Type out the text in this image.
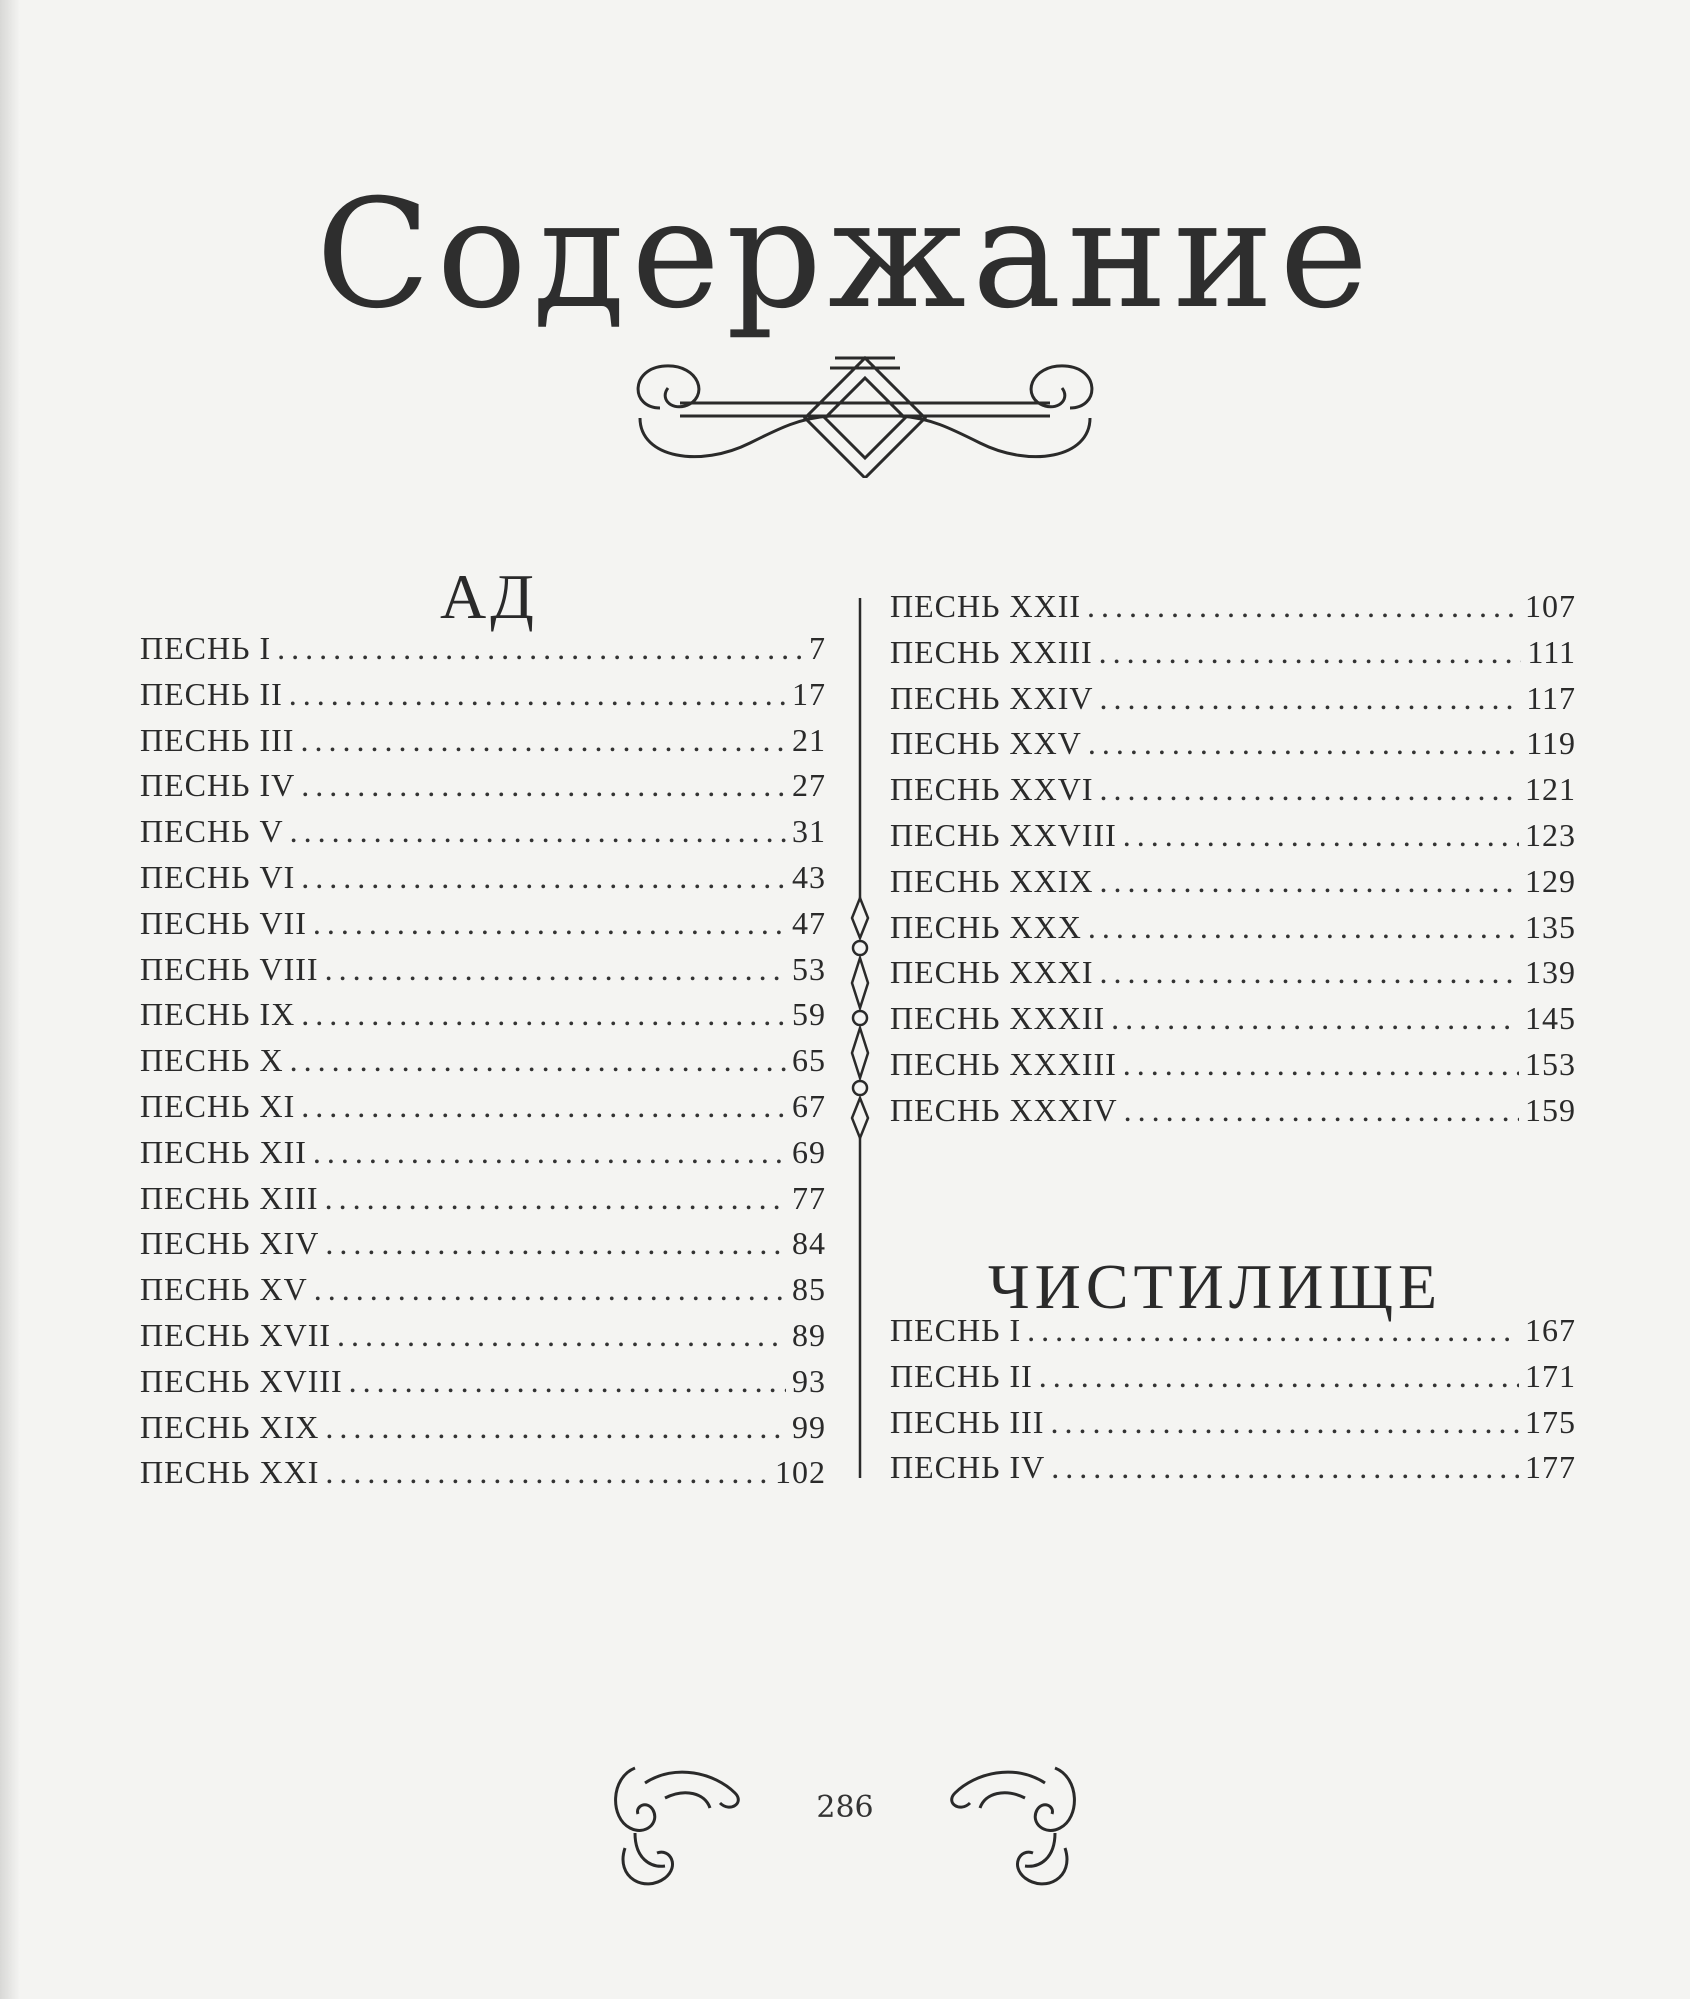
Содержание
АД
ПЕСНЬ I . . .	7
ПЕСНЬ II . . .	17
ПЕСНЬ III . . .	21
ПЕСНЬ IV . . .	27
ПЕСНЬ V . . .	31
ПЕСНЬ VI . . .	43
ПЕСНЬ VII . . .	47
ПЕСНЬ VIII . . .	53
ПЕСНЬ IX . . .	59
ПЕСНЬ X . . .	65
ПЕСНЬ XI . . .	67
ПЕСНЬ XII . . .	69
ПЕСНЬ XIII . . .	77
ПЕСНЬ XIV . . .	84
ПЕСНЬ XV . . .	85
ПЕСНЬ XVII . . .	89
ПЕСНЬ XVIII . . .	93
ПЕСНЬ XIX . . .	99
ПЕСНЬ XXI . . .	102
ПЕСНЬ XXII . . .	107
ПЕСНЬ XXIII . . .	111
ПЕСНЬ XXIV . . .	117
ПЕСНЬ XXV . . .	119
ПЕСНЬ XXVI . . .	121
ПЕСНЬ XXVIII . . .	123
ПЕСНЬ XXIX . . .	129
ПЕСНЬ XXX . . .	135
ПЕСНЬ XXXI . . .	139
ПЕСНЬ XXXII . . .	145
ПЕСНЬ XXXIII . . .	153
ПЕСНЬ XXXIV . . .	159
ЧИСТИЛИЩЕ
ПЕСНЬ I . . .	167
ПЕСНЬ II . . .	171
ПЕСНЬ III . . .	175
ПЕСНЬ IV . . .	177
286
